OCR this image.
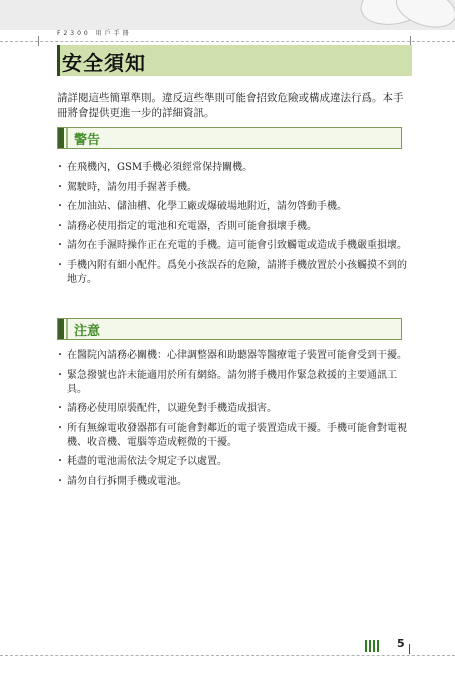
F2300 用戶手冊
安全須知

請詳閱這些簡單準則。違反這些準則可能會招致危險或構成違法行爲。本手冊將會提供更進一步的詳細資訊。

警告
・ 在飛機內，GSM手機必須經常保持關機。
・ 駕駛時，請勿用手握著手機。
・ 在加油站、儲油槽、化學工廠或爆破場地附近，請勿啓動手機。
・ 請務必使用指定的電池和充電器，否則可能會損壞手機。
・ 請勿在手濕時操作正在充電的手機。這可能會引致觸電或造成手機嚴重損壞。
・ 手機內附有細小配件。爲免小孩誤吞的危險，請將手機放置於小孩觸摸不到的地方。
注意
・ 在醫院內請務必關機：心律調整器和助聽器等醫療電子裝置可能會受到干擾。
・ 緊急撥號也許未能適用於所有網絡。請勿將手機用作緊急救援的主要通訊工具。
・ 請務必使用原裝配件，以避免對手機造成損害。
・ 所有無線電收發器都有可能會對鄰近的電子裝置造成干擾。手機可能會對電視機、收音機、電腦等造成輕微的干擾。
・ 耗盡的電池需依法令規定予以處置。
・ 請勿自行拆開手機或電池。
5
